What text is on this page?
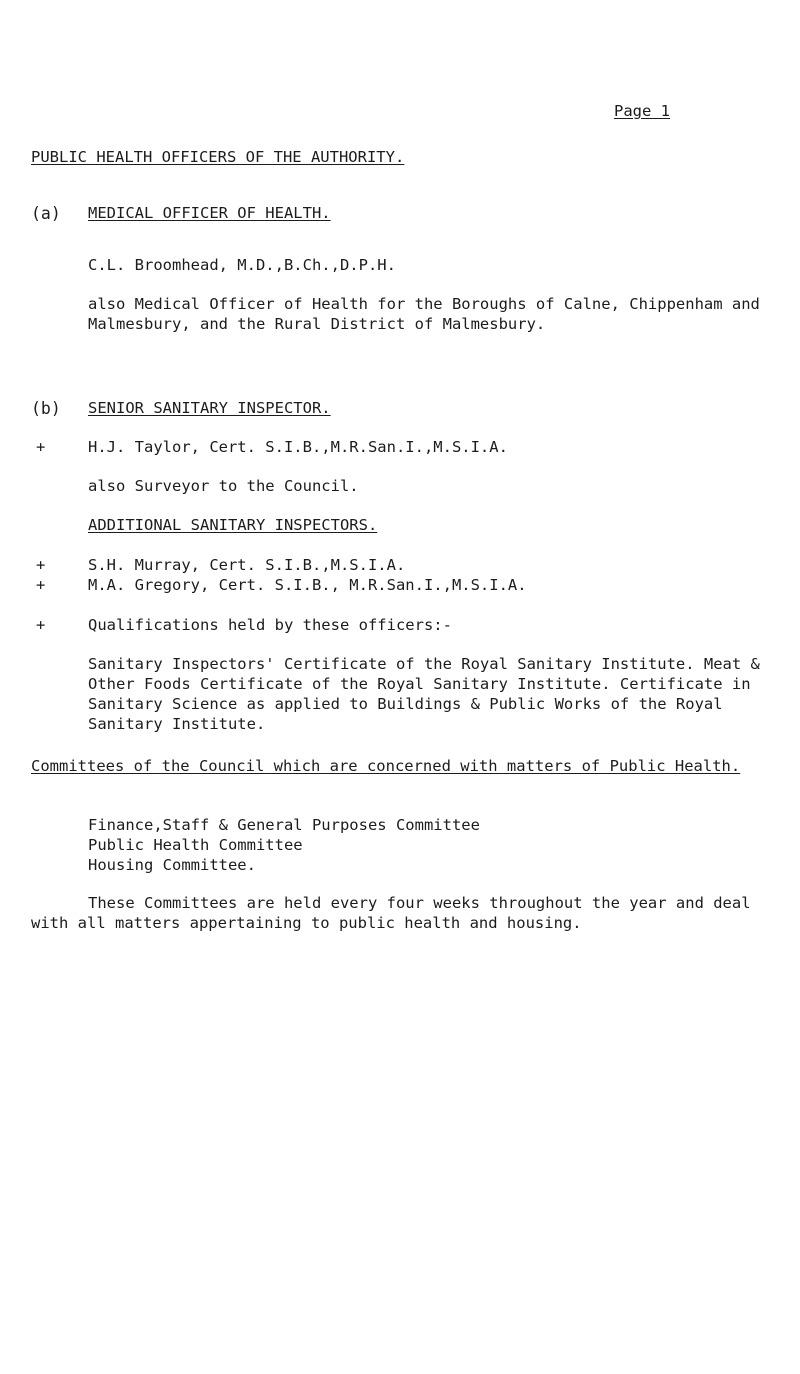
Page 1
PUBLIC HEALTH OFFICERS OF THE AUTHORITY.
(a) MEDICAL OFFICER OF HEALTH.
C.L. Broomhead, M.D.,B.Ch.,D.P.H.
also Medical Officer of Health for the Boroughs of Calne, Chippenham and Malmesbury, and the Rural District of Malmesbury.
(b) SENIOR SANITARY INSPECTOR.
+	H.J. Taylor, Cert. S.I.B.,M.R.San.I.,M.S.I.A.
also Surveyor to the Council.
ADDITIONAL SANITARY INSPECTORS.
+	S.H. Murray, Cert. S.I.B.,M.S.I.A.
+	M.A. Gregory, Cert. S.I.B., M.R.San.I.,M.S.I.A.
+	Qualifications held by these officers:-
Sanitary Inspectors' Certificate of the Royal Sanitary Institute. Meat & Other Foods Certificate of the Royal Sanitary Institute. Certificate in Sanitary Science as applied to Buildings & Public Works of the Royal Sanitary Institute.
Committees of the Council which are concerned with matters of Public Health.
Finance,Staff & General Purposes Committee
Public Health Committee
Housing Committee.
These Committees are held every four weeks throughout the year and deal with all matters appertaining to public health and housing.
